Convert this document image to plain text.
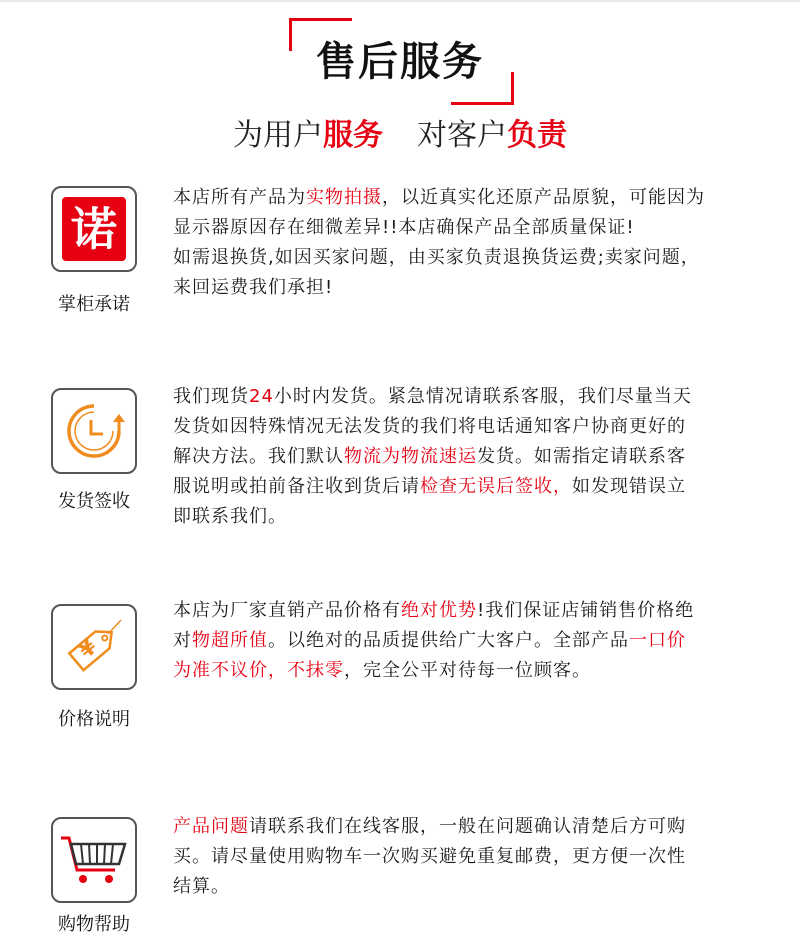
售后服务
为用户服务 对客户负责
诺
掌柜承诺
本店所有产品为实物拍摄，以近真实化还原产品原貌，可能因为
显示器原因存在细微差异!!本店确保产品全部质量保证!
如需退换货,如因买家问题，由买家负责退换货运费;卖家问题，
来回运费我们承担!
发货签收
我们现货24小时内发货。紧急情况请联系客服，我们尽量当天
发货如因特殊情况无法发货的我们将电话通知客户协商更好的
解决方法。我们默认物流为物流速运发货。如需指定请联系客
服说明或拍前备注收到货后请检查无误后签收，如发现错误立
即联系我们。
¥
价格说明
本店为厂家直销产品价格有绝对优势!我们保证店铺销售价格绝
对物超所值。以绝对的品质提供给广大客户。全部产品一口价
为准不议价，不抹零，完全公平对待每一位顾客。
购物帮助
产品问题请联系我们在线客服，一般在问题确认清楚后方可购
买。请尽量使用购物车一次购买避免重复邮费，更方便一次性
结算。
